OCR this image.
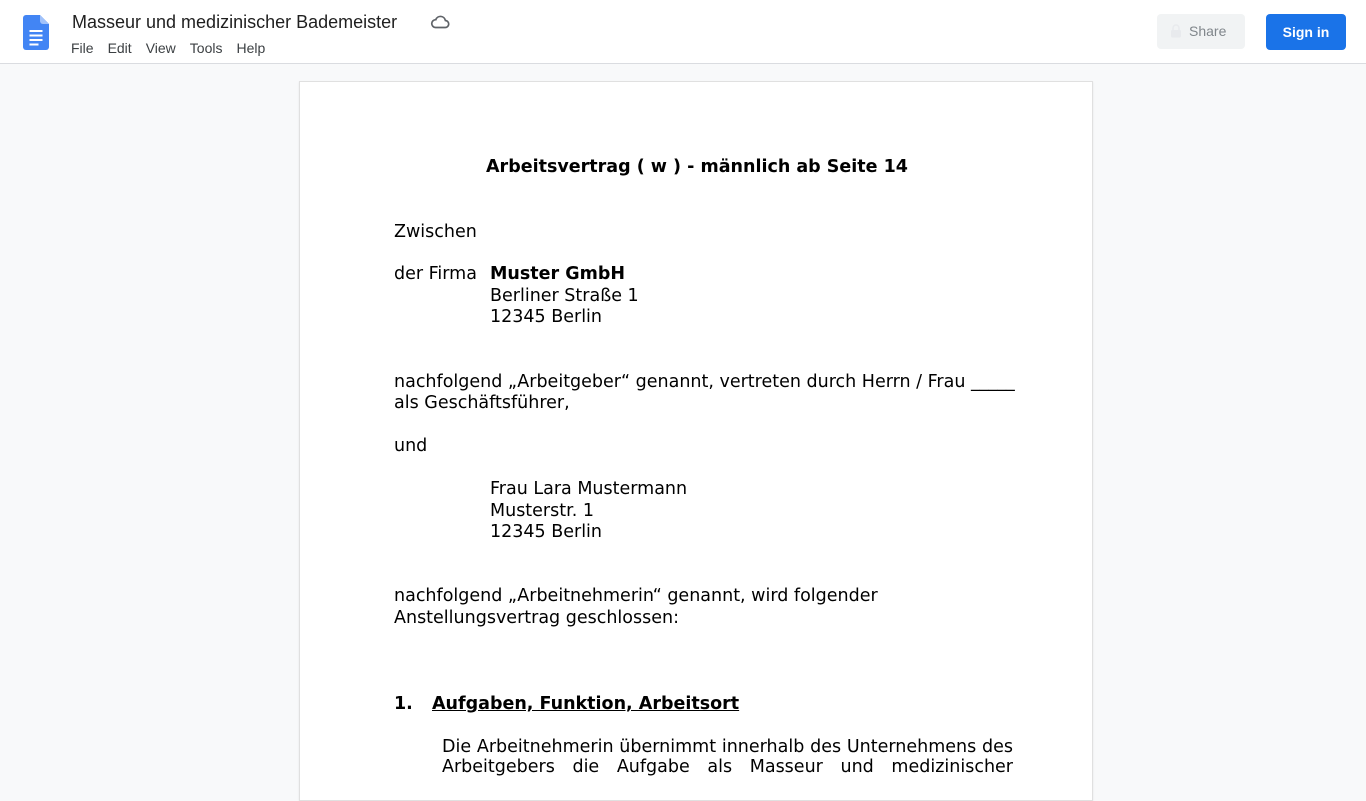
Masseur und medizinischer Bademeister
File	Edit	View	Tools	Help
Share	Sign in
Arbeitsvertrag ( w ) - männlich ab Seite 14
Zwischen
der Firma Muster GmbH
Berliner Straße 1
12345 Berlin
nachfolgend „Arbeitgeber“ genannt, vertreten durch Herrn / Frau _____
als Geschäftsführer,
und
Frau Lara Mustermann
Musterstr. 1
12345 Berlin
nachfolgend „Arbeitnehmerin“ genannt, wird folgender
Anstellungsvertrag geschlossen:
1. Aufgaben, Funktion, Arbeitsort
Die Arbeitnehmerin übernimmt innerhalb des Unternehmens des
Arbeitgebers die Aufgabe als Masseur und medizinischer
